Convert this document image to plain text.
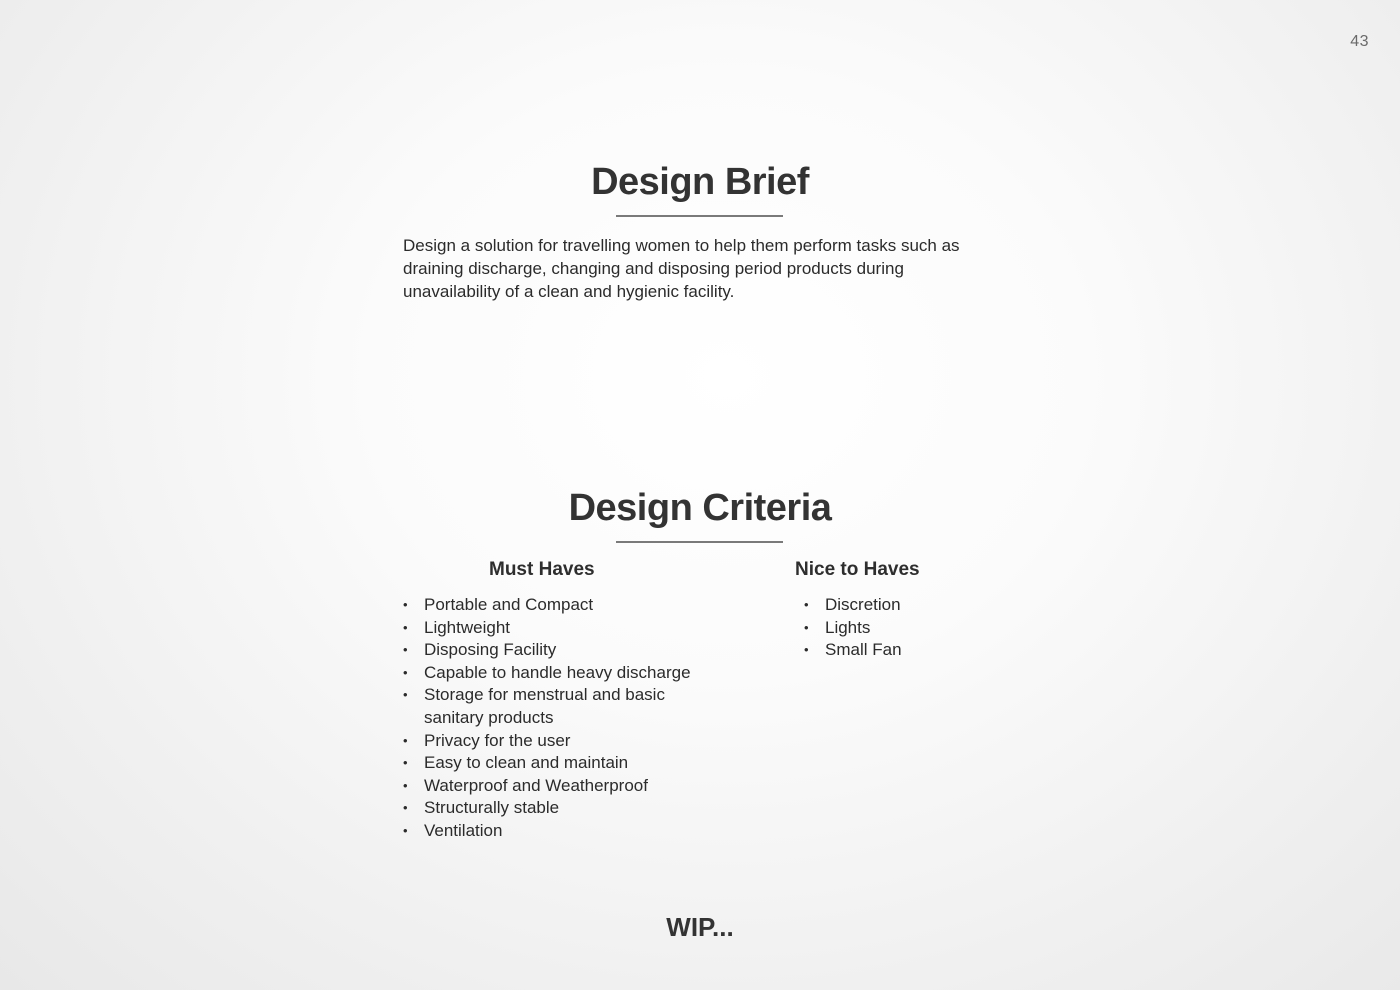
43
Design Brief
Design a solution for travelling women to help them perform tasks such as draining discharge, changing and disposing period products during unavailability of a clean and hygienic facility.
Design Criteria
Must Haves
• Portable and Compact
• Lightweight
• Disposing Facility
• Capable to handle heavy discharge
• Storage for menstrual and basic sanitary products
• Privacy for the user
• Easy to clean and maintain
• Waterproof and Weatherproof
• Structurally stable
• Ventilation
Nice to Haves
• Discretion
• Lights
• Small Fan
WIP...
